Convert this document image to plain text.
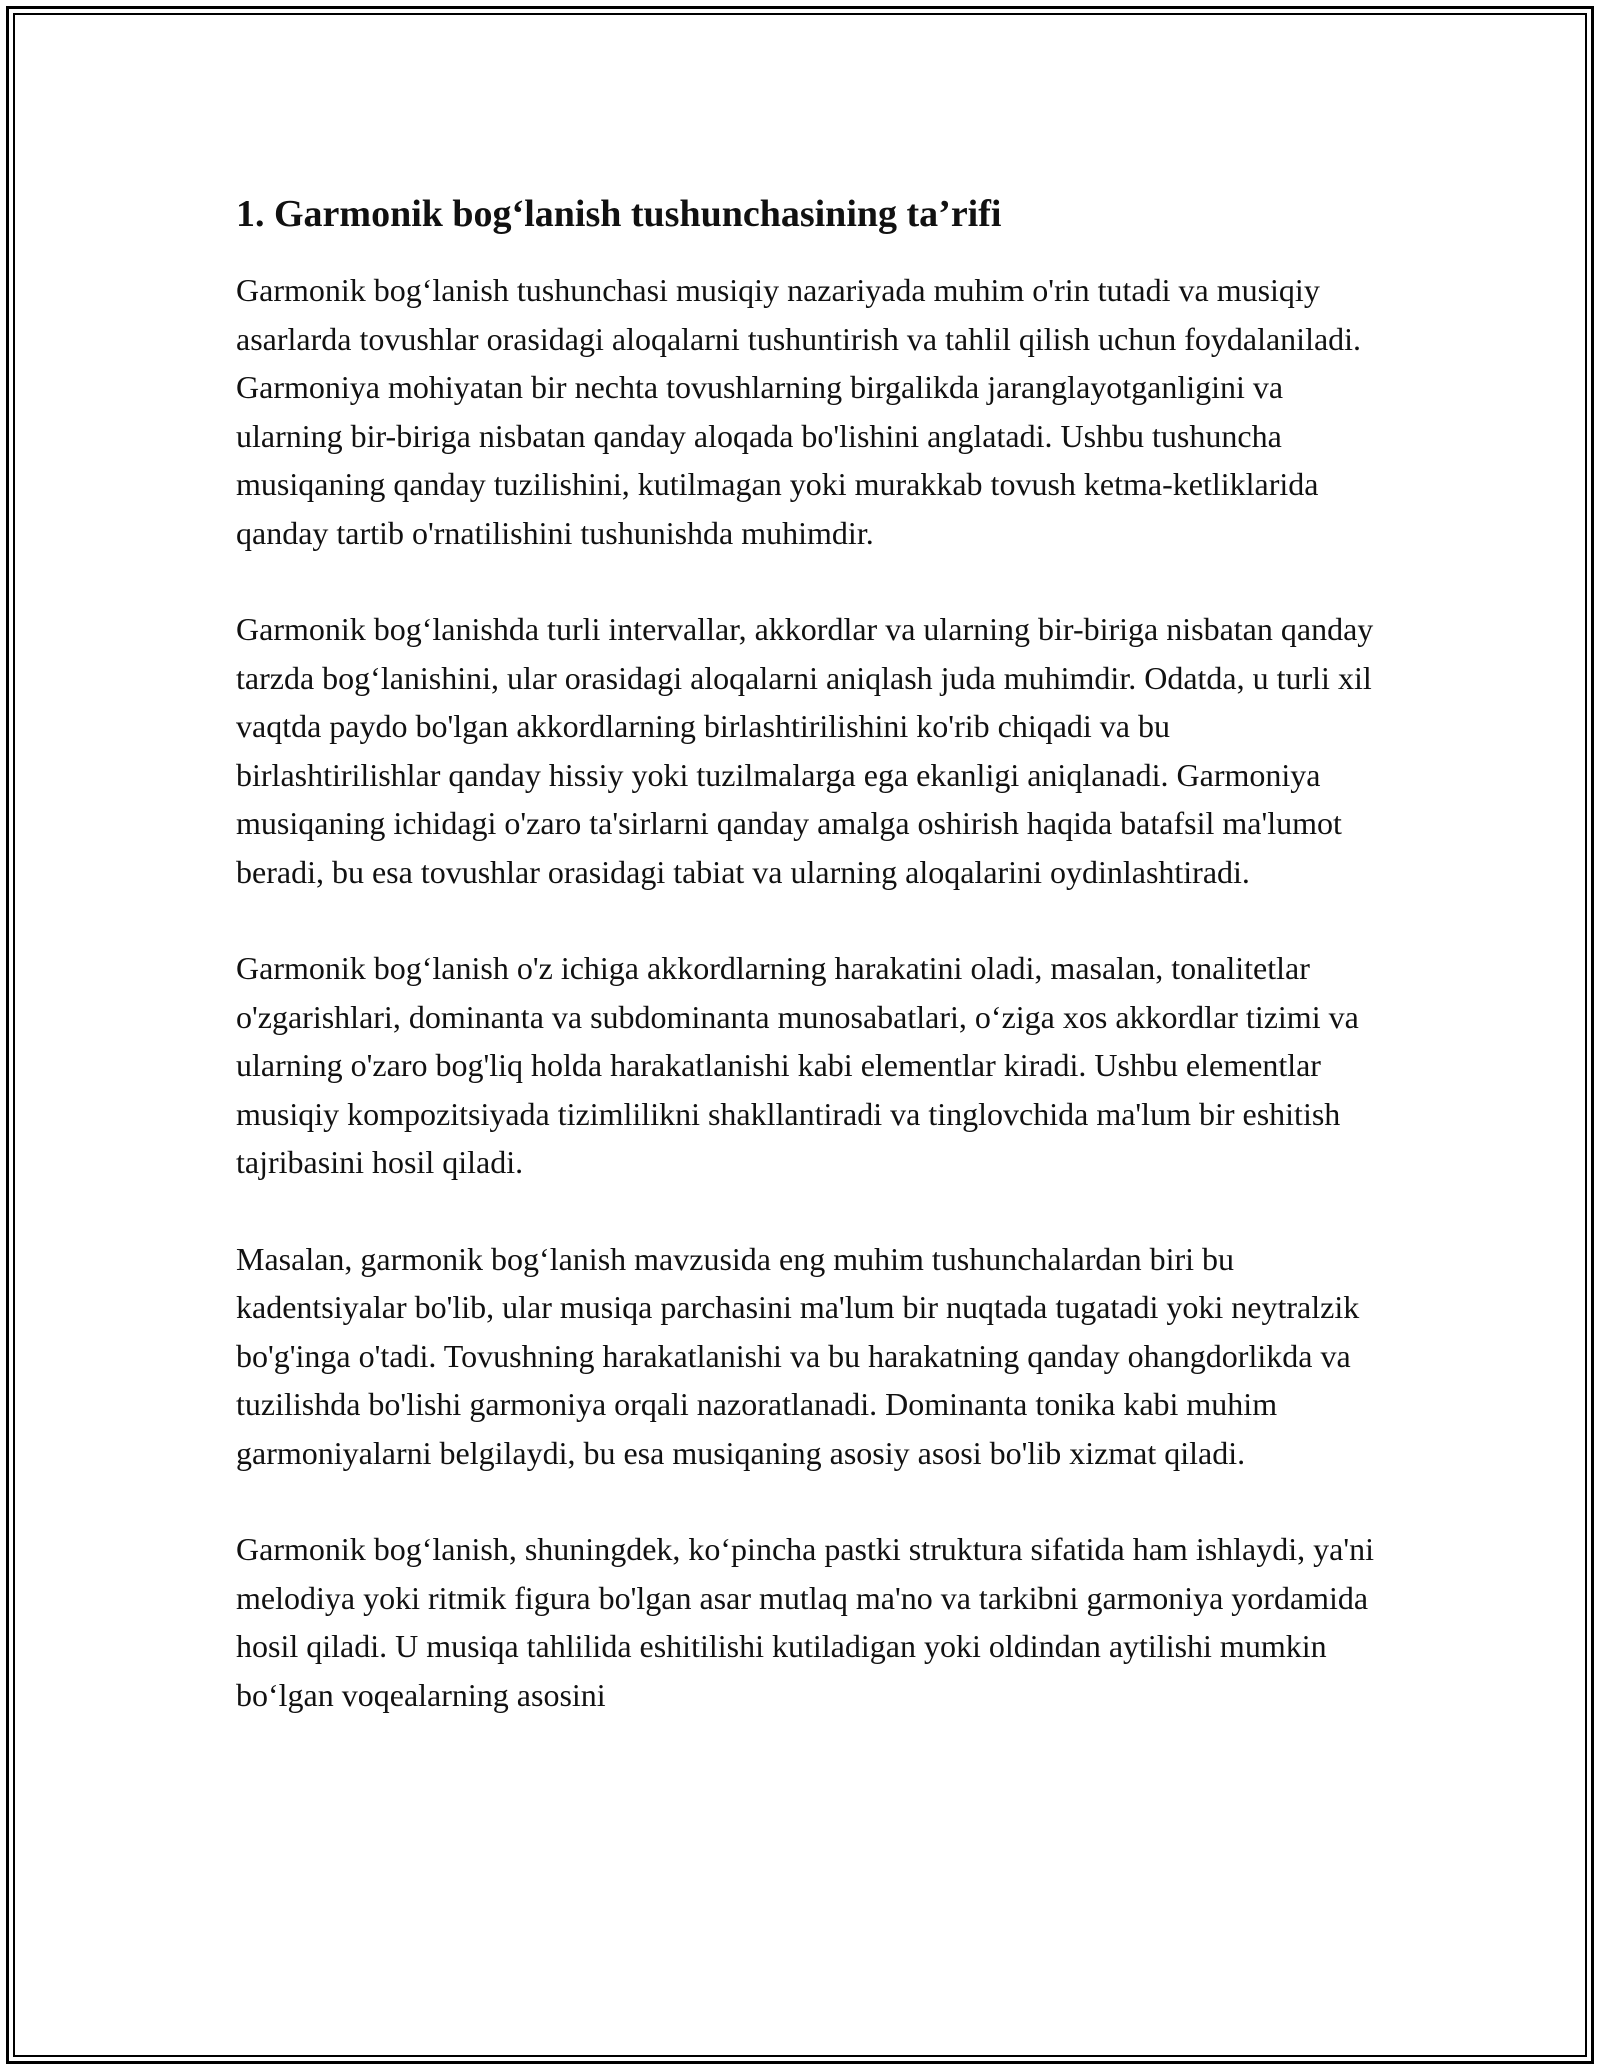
1. Garmonik bog‘lanish tushunchasining ta’rifi

Garmonik bog‘lanish tushunchasi musiqiy nazariyada muhim o'rin tutadi va musiqiy asarlarda tovushlar orasidagi aloqalarni tushuntirish va tahlil qilish uchun foydalaniladi. Garmoniya mohiyatan bir nechta tovushlarning birgalikda jaranglayotganligini va ularning bir-biriga nisbatan qanday aloqada bo'lishini anglatadi. Ushbu tushuncha musiqaning qanday tuzilishini, kutilmagan yoki murakkab tovush ketma-ketliklarida qanday tartib o'rnatilishini tushunishda muhimdir.

Garmonik bog‘lanishda turli intervallar, akkordlar va ularning bir-biriga nisbatan qanday tarzda bog‘lanishini, ular orasidagi aloqalarni aniqlash juda muhimdir. Odatda, u turli xil vaqtda paydo bo'lgan akkordlarning birlashtirilishini ko'rib chiqadi va bu birlashtirilishlar qanday hissiy yoki tuzilmalarga ega ekanligi aniqlanadi. Garmoniya musiqaning ichidagi o'zaro ta'sirlarni qanday amalga oshirish haqida batafsil ma'lumot beradi, bu esa tovushlar orasidagi tabiat va ularning aloqalarini oydinlashtiradi.

Garmonik bog‘lanish o'z ichiga akkordlarning harakatini oladi, masalan, tonalitetlar o'zgarishlari, dominanta va subdominanta munosabatlari, o‘ziga xos akkordlar tizimi va ularning o'zaro bog'liq holda harakatlanishi kabi elementlar kiradi. Ushbu elementlar musiqiy kompozitsiyada tizimlilikni shakllantiradi va tinglovchida ma'lum bir eshitish tajribasini hosil qiladi.

Masalan, garmonik bog‘lanish mavzusida eng muhim tushunchalardan biri bu kadentsiyalar bo'lib, ular musiqa parchasini ma'lum bir nuqtada tugatadi yoki neytralzik bo'g'inga o'tadi. Tovushning harakatlanishi va bu harakatning qanday ohangdorlikda va tuzilishda bo'lishi garmoniya orqali nazoratlanadi. Dominanta tonika kabi muhim garmoniyalarni belgilaydi, bu esa musiqaning asosiy asosi bo'lib xizmat qiladi.

Garmonik bog‘lanish, shuningdek, ko‘pincha pastki struktura sifatida ham ishlaydi, ya'ni melodiya yoki ritmik figura bo'lgan asar mutlaq ma'no va tarkibni garmoniya yordamida hosil qiladi. U musiqa tahlilida eshitilishi kutiladigan yoki oldindan aytilishi mumkin bo‘lgan voqealarning asosini
